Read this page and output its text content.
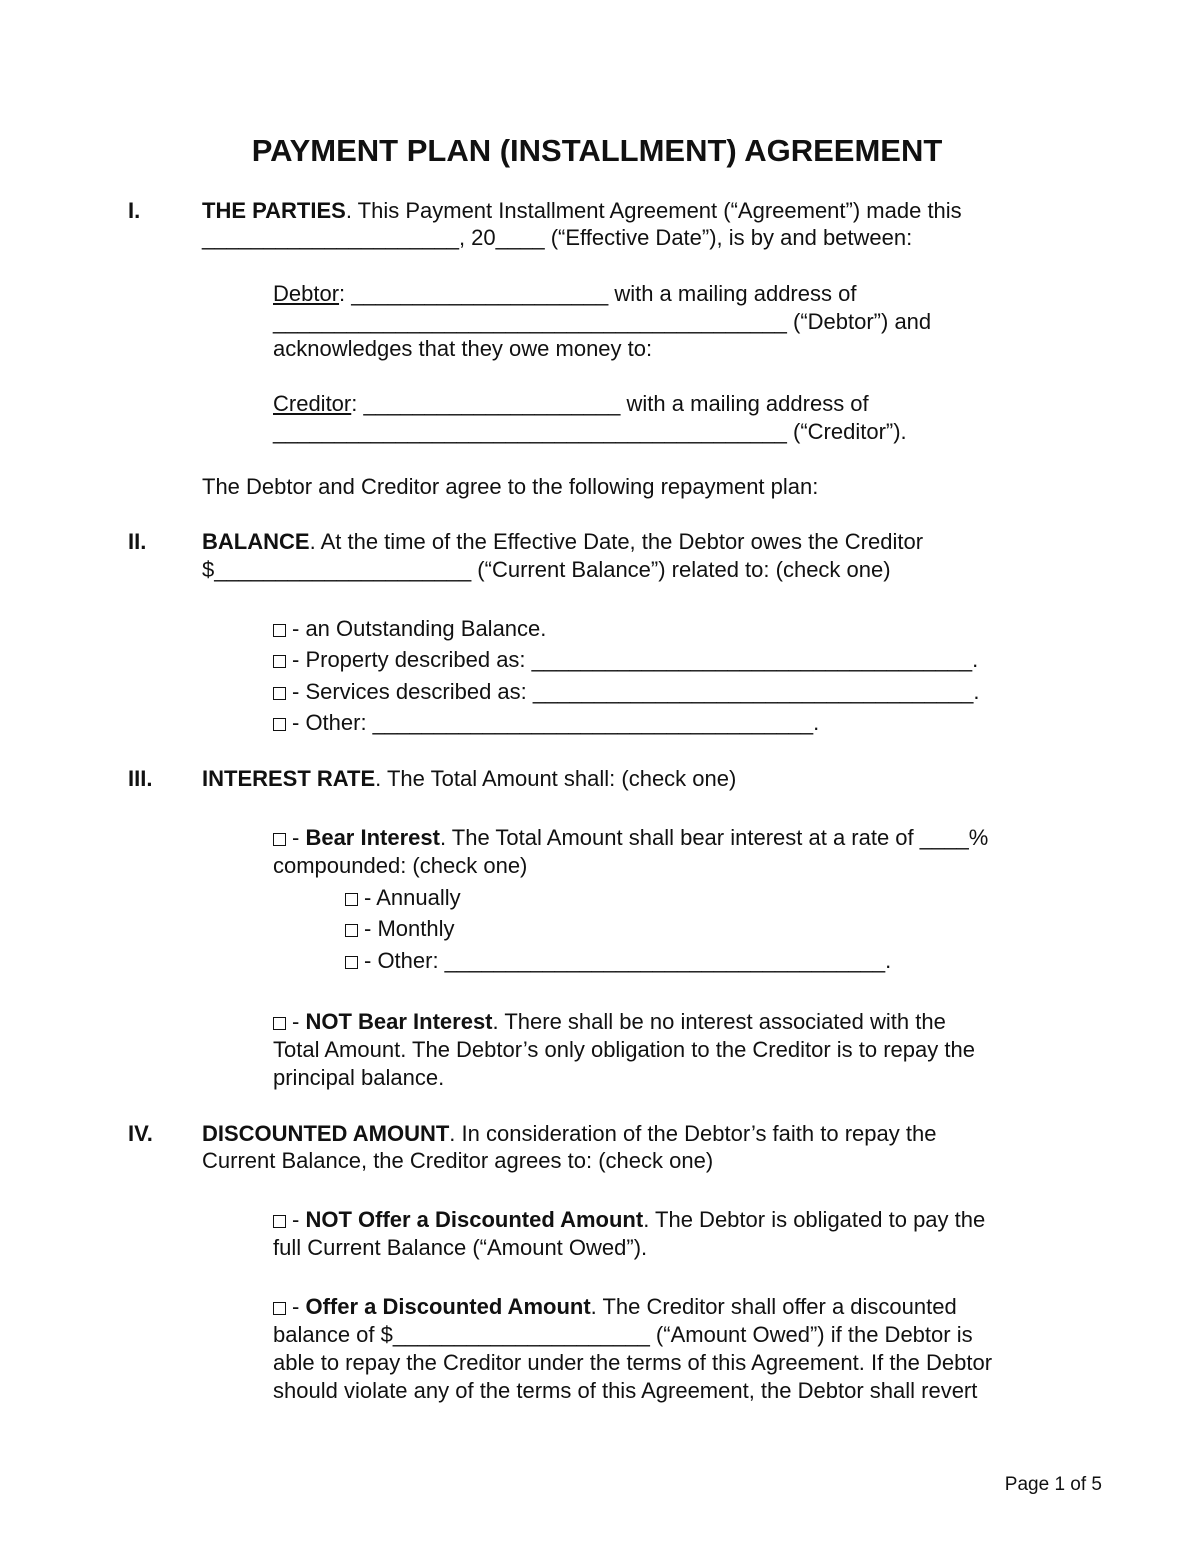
PAYMENT PLAN (INSTALLMENT) AGREEMENT
I.	THE PARTIES. This Payment Installment Agreement (“Agreement”) made this
_____________________, 20____ (“Effective Date”), is by and between:
Debtor: _____________________ with a mailing address of
__________________________________________ (“Debtor”) and
acknowledges that they owe money to:
Creditor: _____________________ with a mailing address of
__________________________________________ (“Creditor”).
The Debtor and Creditor agree to the following repayment plan:
II.	BALANCE. At the time of the Effective Date, the Debtor owes the Creditor
$_____________________ (“Current Balance”) related to: (check one)
- an Outstanding Balance.
- Property described as: ____________________________________.
- Services described as: ____________________________________.
- Other: ____________________________________.
III. INTEREST RATE. The Total Amount shall: (check one)
- Bear Interest. The Total Amount shall bear interest at a rate of ____%
compounded: (check one)
- Annually
- Monthly
- Other: ____________________________________.
- NOT Bear Interest. There shall be no interest associated with the
Total Amount. The Debtor’s only obligation to the Creditor is to repay the
principal balance.
IV. DISCOUNTED AMOUNT. In consideration of the Debtor’s faith to repay the
Current Balance, the Creditor agrees to: (check one)
- NOT Offer a Discounted Amount. The Debtor is obligated to pay the
full Current Balance (“Amount Owed”).
- Offer a Discounted Amount. The Creditor shall offer a discounted
balance of $_____________________ (“Amount Owed”) if the Debtor is
able to repay the Creditor under the terms of this Agreement. If the Debtor
should violate any of the terms of this Agreement, the Debtor shall revert
Page 1 of 5
